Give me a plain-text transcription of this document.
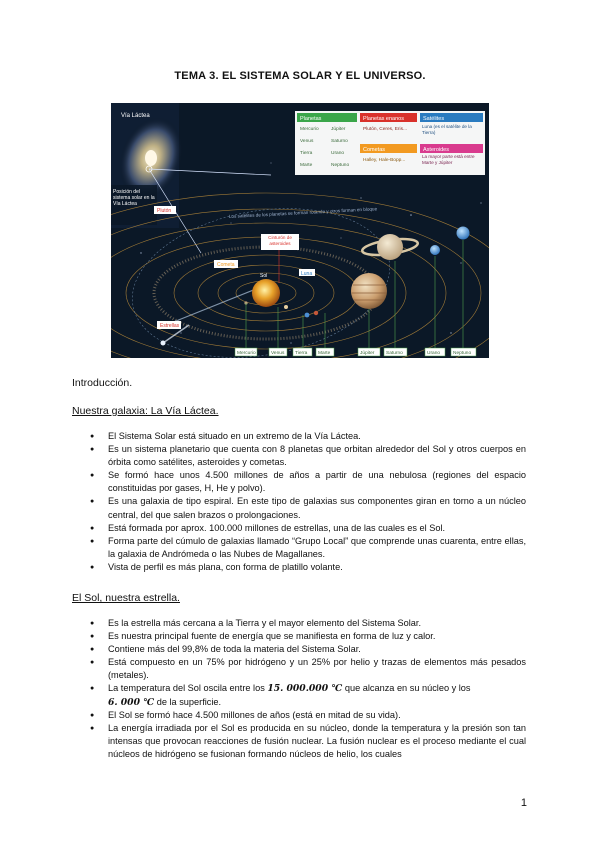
TEMA 3. EL SISTEMA SOLAR Y EL UNIVERSO.
Vía Láctea
Posición del sistema solar en la Vía Láctea
Planetas
Mercurio	Júpiter
Venus	Saturno
Tierra	Urano
Marte	Neptuno
Planetas enanos
Plutón, Ceres, Eris...
Satélites
Luna (es el satélite de la Tierra)
Cometas
Halley, Hale-Bopp...
Asteroides
La mayor parte está entre Marte y Júpiter
Los satélites de los planetas se forman rotando y otros forman en bloque
Plutón
Cinturón de asteroides
Cometa
Sol	Luna
Estrellas
Mercurio	Venus Tierra Marte	Júpiter Saturno	Urano	Neptuno
Introducción.
Nuestra galaxia: La Vía Láctea.
● El Sistema Solar está situado en un extremo de la Vía Láctea.
● Es un sistema planetario que cuenta con 8 planetas que orbitan alrededor del Sol y otros cuerpos en órbita como satélites, asteroides y cometas.
● Se formó hace unos 4.500 millones de años a partir de una nebulosa (regiones del espacio constituidas por gases, H, He y polvo).
● Es una galaxia de tipo espiral. En este tipo de galaxias sus componentes giran en torno a un núcleo central, del que salen brazos o prolongaciones.
● Está formada por aprox. 100.000 millones de estrellas, una de las cuales es el Sol.
● Forma parte del cúmulo de galaxias llamado “Grupo Local” que comprende unas cuarenta, entre ellas, la galaxia de Andrómeda o las Nubes de Magallanes.
● Vista de perfil es más plana, con forma de platillo volante.
El Sol, nuestra estrella.
● Es la estrella más cercana a la Tierra y el mayor elemento del Sistema Solar.
● Es nuestra principal fuente de energía que se manifiesta en forma de luz y calor.
● Contiene más del 99,8% de toda la materia del Sistema Solar.
● Está compuesto en un 75% por hidrógeno y un 25% por helio y trazas de elementos más pesados (metales).
● La temperatura del Sol oscila entre los 15. 000.000 ℃ que alcanza en su núcleo y los
6. 000 ℃ de la superficie.
● El Sol se formó hace 4.500 millones de años (está en mitad de su vida).
● La energía irradiada por el Sol es producida en su núcleo, donde la temperatura y la presión son tan intensas que provocan reacciones de fusión nuclear. La fusión nuclear es el proceso mediante el cual núcleos de hidrógeno se fusionan formando núcleos de helio, los cuales
1
